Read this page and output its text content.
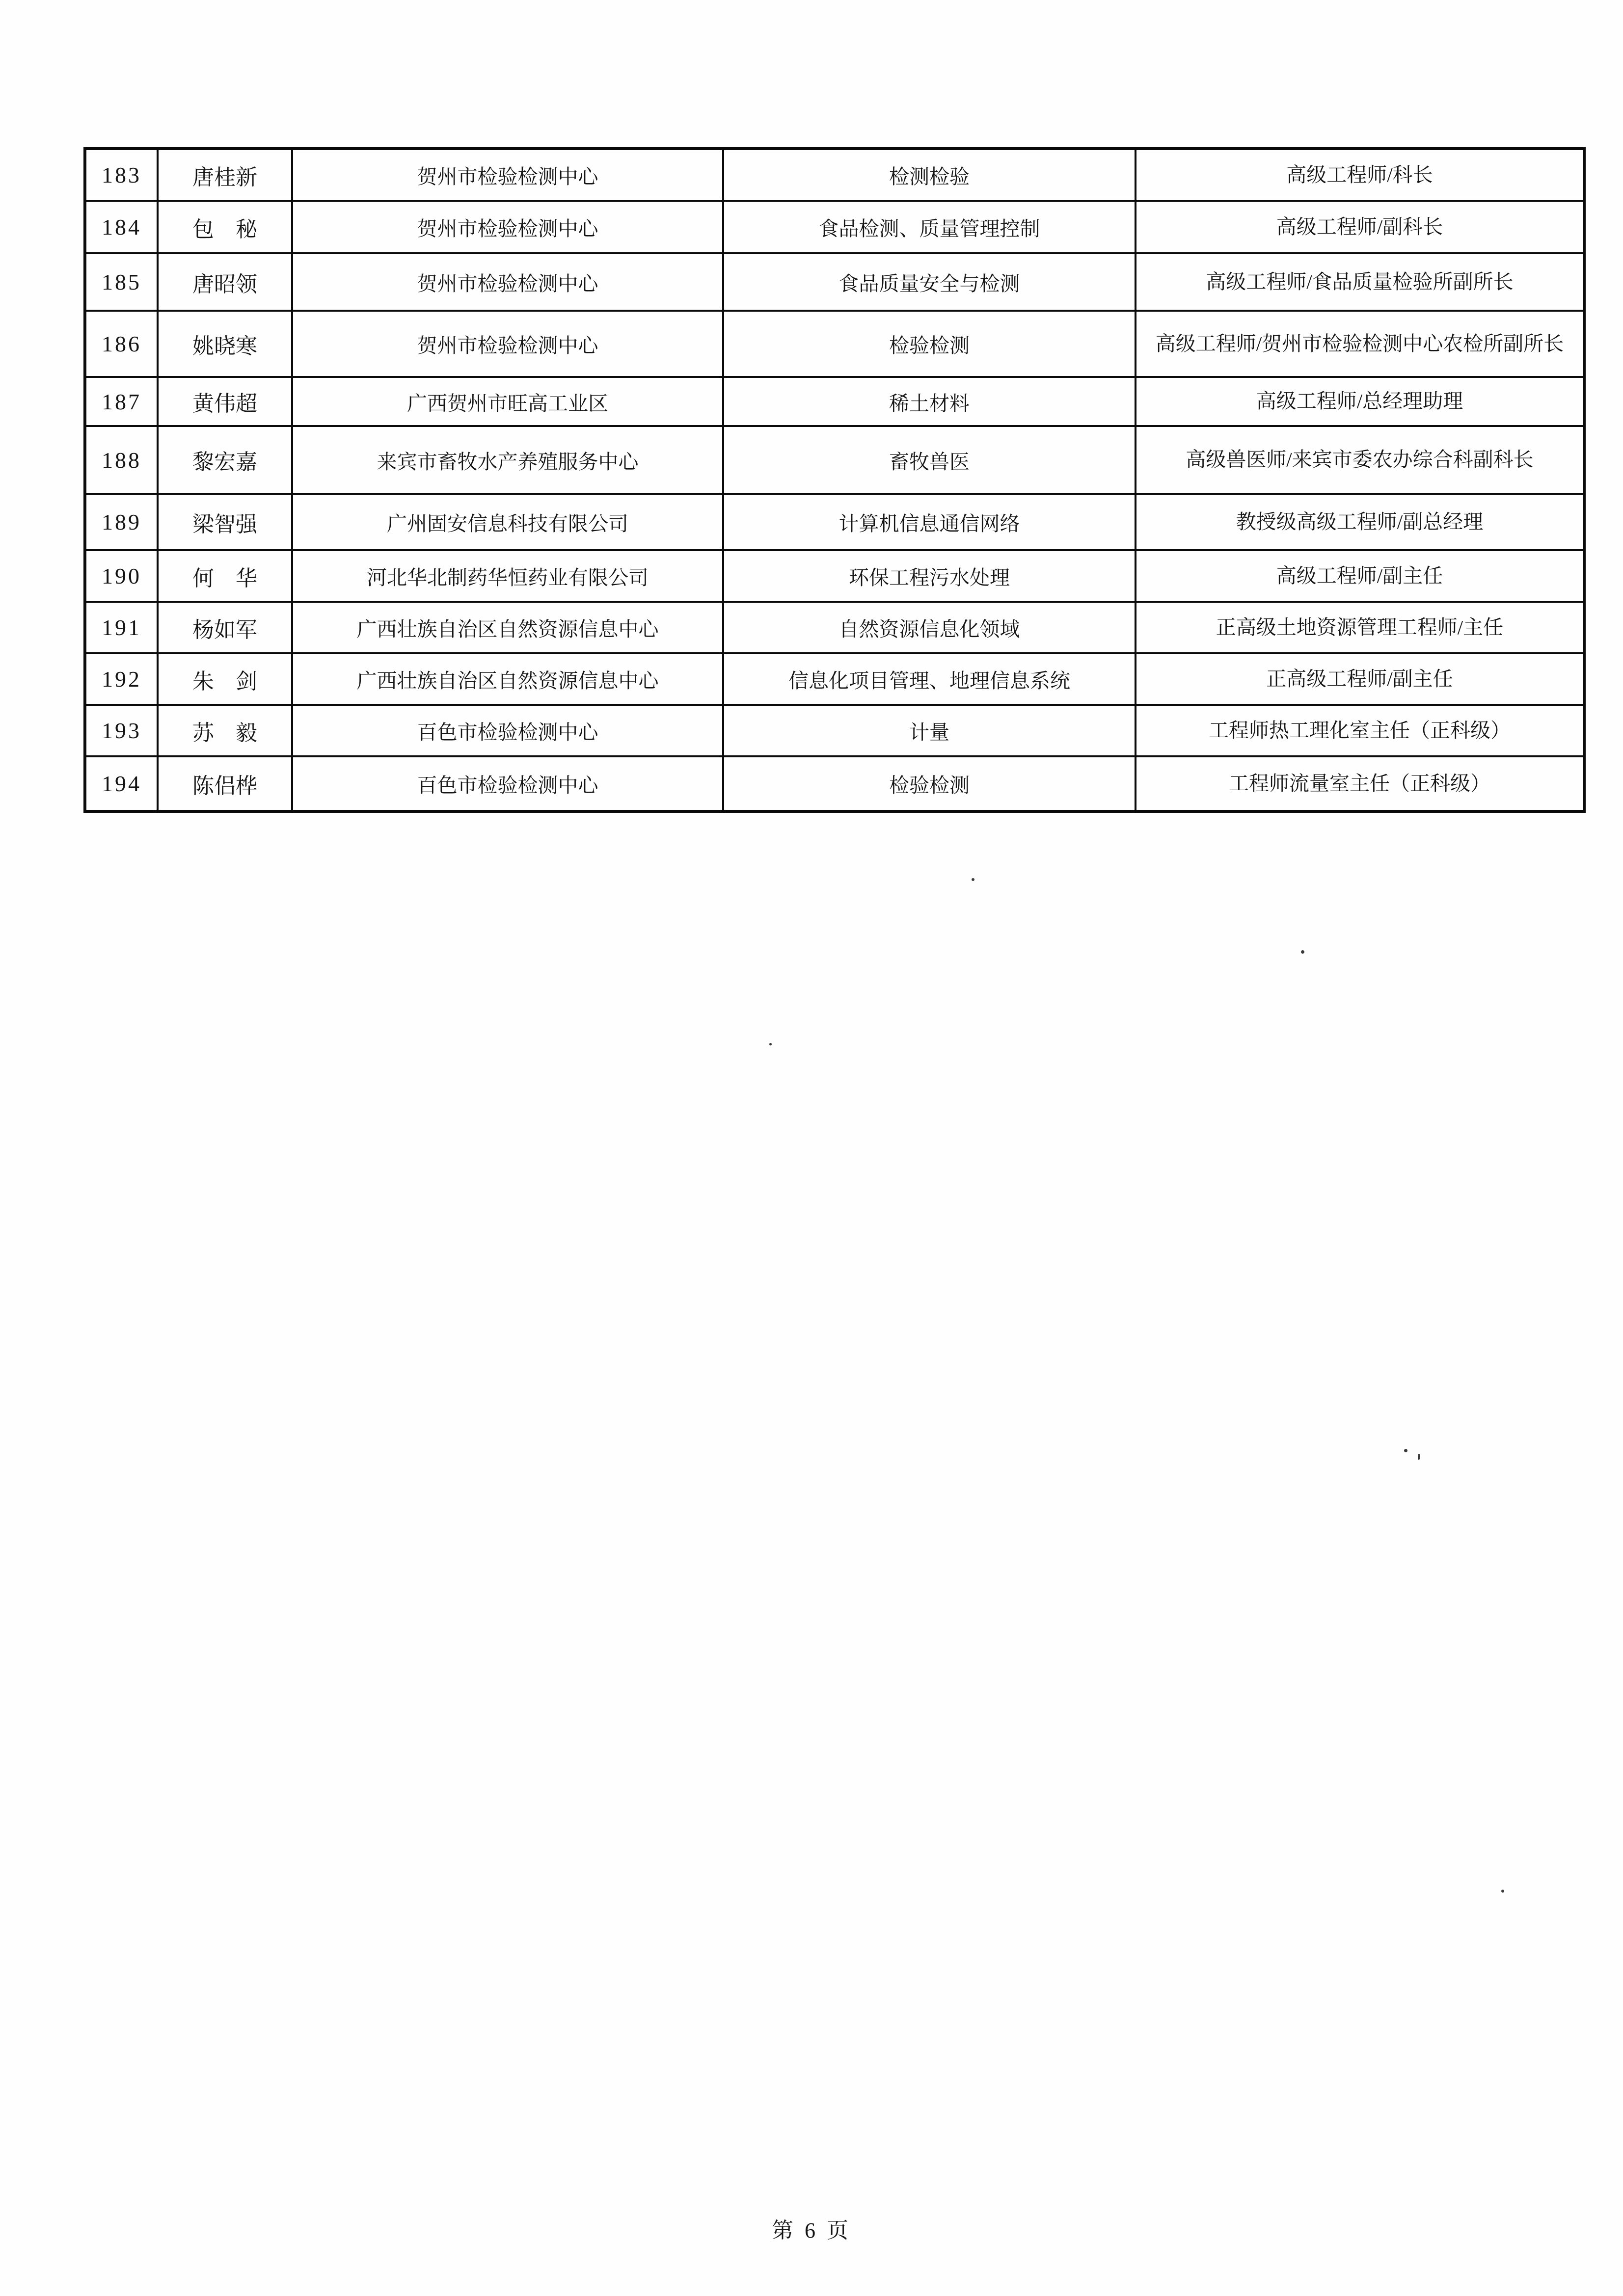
183	唐桂新	贺州市检验检测中心	检测检验	高级工程师/科长
184	包　秘	贺州市检验检测中心	食品检测、质量管理控制	高级工程师/副科长
185	唐昭领	贺州市检验检测中心	食品质量安全与检测	高级工程师/食品质量检验所副所长
186	姚晓寒	贺州市检验检测中心	检验检测	高级工程师/贺州市检验检测中心农检所副所长
187	黄伟超	广西贺州市旺高工业区	稀土材料	高级工程师/总经理助理
188	黎宏嘉	来宾市畜牧水产养殖服务中心	畜牧兽医	高级兽医师/来宾市委农办综合科副科长
189	梁智强	广州固安信息科技有限公司	计算机信息通信网络	教授级高级工程师/副总经理
190	何　华	河北华北制药华恒药业有限公司	环保工程污水处理	高级工程师/副主任
191	杨如军	广西壮族自治区自然资源信息中心	自然资源信息化领域	正高级土地资源管理工程师/主任
192	朱　剑	广西壮族自治区自然资源信息中心	信息化项目管理、地理信息系统	正高级工程师/副主任
193	苏　毅	百色市检验检测中心	计量	工程师热工理化室主任（正科级）
194	陈侣桦	百色市检验检测中心	检验检测	工程师流量室主任（正科级）
第 6 页
